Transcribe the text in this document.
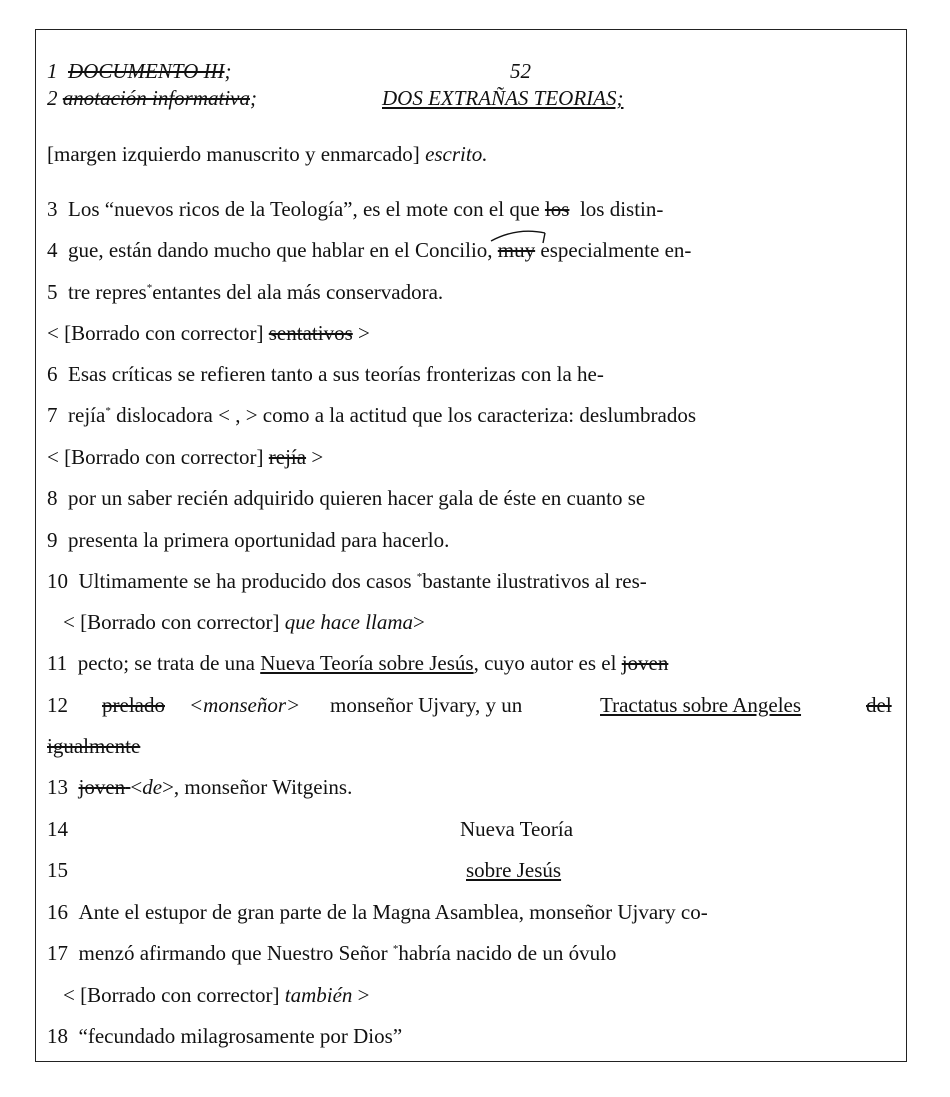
1 DOCUMENTO III;	52
2 anotación informativa;	DOS EXTRAÑAS TEORIAS;
[margen izquierdo manuscrito y enmarcado] escrito.
3 Los “nuevos ricos de la Teología”, es el mote con el que los los distin-
4 gue, están dando mucho que hablar en el Concilio, muy especialmente en-
5 tre repres*entantes del ala más conservadora.
< [Borrado con corrector] sentativos >
6 Esas críticas se refieren tanto a sus teorías fronterizas con la he-
7 rejía* dislocadora < , > como a la actitud que los caracteriza: deslumbrados
< [Borrado con corrector] rejía >
8 por un saber recién adquirido quieren hacer gala de éste en cuanto se
9 presenta la primera oportunidad para hacerlo.
10 Ultimamente se ha producido dos casos *bastante ilustrativos al res-
< [Borrado con corrector] que hace llama>
11 pecto; se trata de una Nueva Teoría sobre Jesús, cuyo autor es el joven
12 prelado <monseñor> monseñor Ujvary, y un	Tractatus sobre Angeles	del
igualmente
13 joven <de>, monseñor Witgeins.
14	Nueva Teoría
15	sobre Jesús
16 Ante el estupor de gran parte de la Magna Asamblea, monseñor Ujvary co-
17 menzó afirmando que Nuestro Señor *habría nacido de un óvulo
< [Borrado con corrector] también >
18 “fecundado milagrosamente por Dios”
